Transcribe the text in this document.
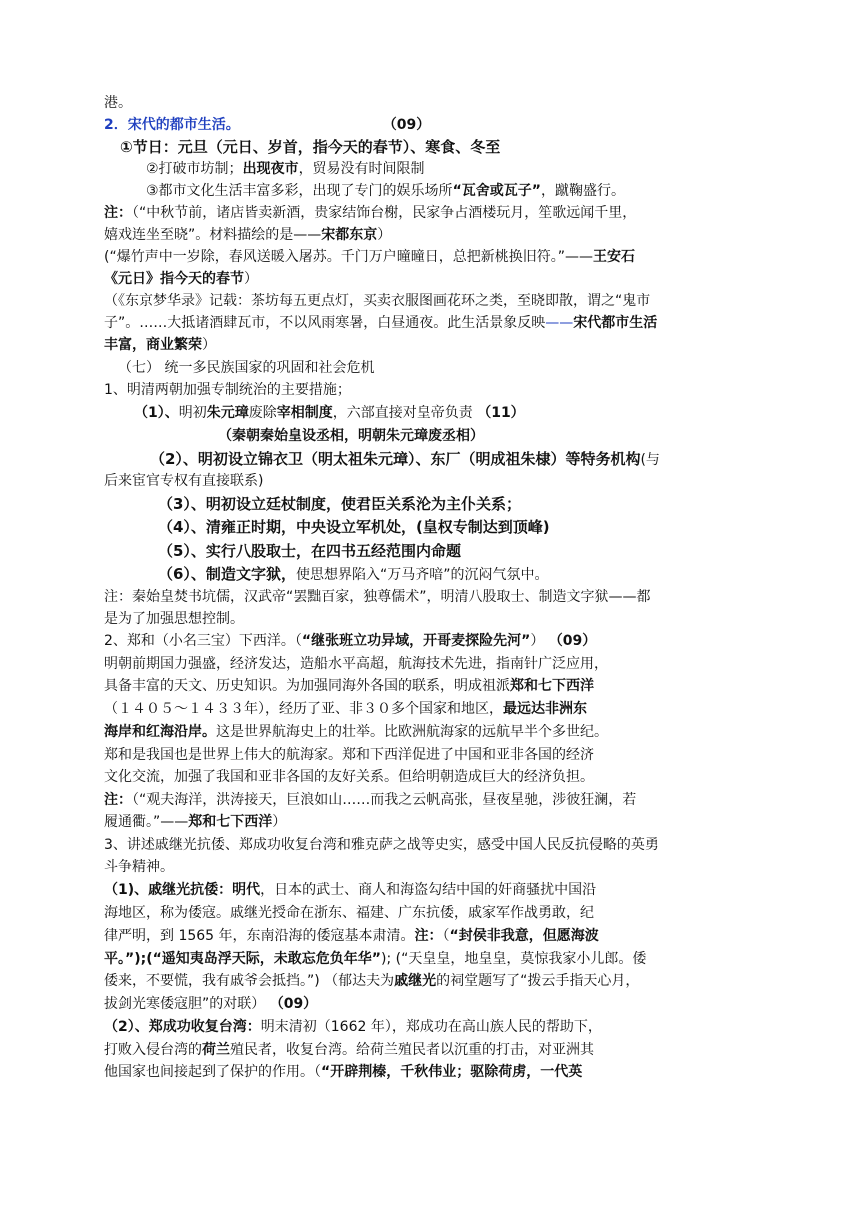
港。
2．宋代的都市生活。	（09）
①节日：元旦（元日、岁首，指今天的春节）、寒食、冬至
②打破市坊制；出现夜市，贸易没有时间限制
③都市文化生活丰富多彩，出现了专门的娱乐场所“瓦舍或瓦子”，蹴鞠盛行。
注：（“中秋节前，诸店皆卖新酒，贵家结饰台榭，民家争占酒楼玩月，笙歌远闻千里，
嬉戏连坐至晓”。材料描绘的是——宋都东京）
(“爆竹声中一岁除，春风送暖入屠苏。千门万户曈曈日，总把新桃换旧符。”——王安石
《元日》指今天的春节）
（《东京梦华录》记载：茶坊每五更点灯，买卖衣服图画花环之类，至晓即散，谓之“鬼市
子”。……大抵诸酒肆瓦市，不以风雨寒暑，白昼通夜。此生活景象反映——宋代都市生活
丰富，商业繁荣）
（七） 统一多民族国家的巩固和社会危机
1、明清两朝加强专制统治的主要措施；
（1）、明初朱元璋废除宰相制度，六部直接对皇帝负责 （11）
（秦朝秦始皇设丞相，明朝朱元璋废丞相）
（2）、明初设立锦衣卫（明太祖朱元璋）、东厂（明成祖朱棣）等特务机构(与
后来宦官专权有直接联系)
（3）、明初设立廷杖制度，使君臣关系沦为主仆关系；
（4）、清雍正时期，中央设立军机处，(皇权专制达到顶峰)
（5）、实行八股取士，在四书五经范围内命题
（6）、制造文字狱，使思想界陷入“万马齐喑”的沉闷气氛中。
注：秦始皇焚书坑儒，汉武帝“罢黜百家，独尊儒术”，明清八股取士、制造文字狱——都
是为了加强思想控制。
2、郑和（小名三宝）下西洋。（“继张班立功异域，开哥麦探险先河”） （09）
明朝前期国力强盛，经济发达，造船水平高超，航海技术先进，指南针广泛应用，
具备丰富的天文、历史知识。为加强同海外各国的联系，明成祖派郑和七下西洋
（１４０５～１４３３年），经历了亚、非３０多个国家和地区，最远达非洲东
海岸和红海沿岸。这是世界航海史上的壮举。比欧洲航海家的远航早半个多世纪。
郑和是我国也是世界上伟大的航海家。郑和下西洋促进了中国和亚非各国的经济
文化交流，加强了我国和亚非各国的友好关系。但给明朝造成巨大的经济负担。
注：（“观夫海洋，洪涛接天，巨浪如山……而我之云帆高张，昼夜星驰，涉彼狂澜，若
履通衢。”——郑和七下西洋）
3、讲述戚继光抗倭、郑成功收复台湾和雅克萨之战等史实，感受中国人民反抗侵略的英勇
斗争精神。
（1)、戚继光抗倭：明代，日本的武士、商人和海盗勾结中国的奸商骚扰中国沿
海地区，称为倭寇。戚继光授命在浙东、福建、广东抗倭，戚家军作战勇敢，纪
律严明，到 1565 年，东南沿海的倭寇基本肃清。注：（“封侯非我意，但愿海波
平。”);(“遥知夷岛浮天际，未敢忘危负年华”); (“天皇皇，地皇皇，莫惊我家小儿郎。倭
倭来，不要慌，我有戚爷会抵挡。”) （郁达夫为戚继光的祠堂题写了“拨云手指天心月，
拔剑光寒倭寇胆”的对联） （09）
（2）、郑成功收复台湾：明末清初（1662 年），郑成功在高山族人民的帮助下，
打败入侵台湾的荷兰殖民者，收复台湾。给荷兰殖民者以沉重的打击，对亚洲其
他国家也间接起到了保护的作用。（“开辟荆榛，千秋伟业；驱除荷虏，一代英
